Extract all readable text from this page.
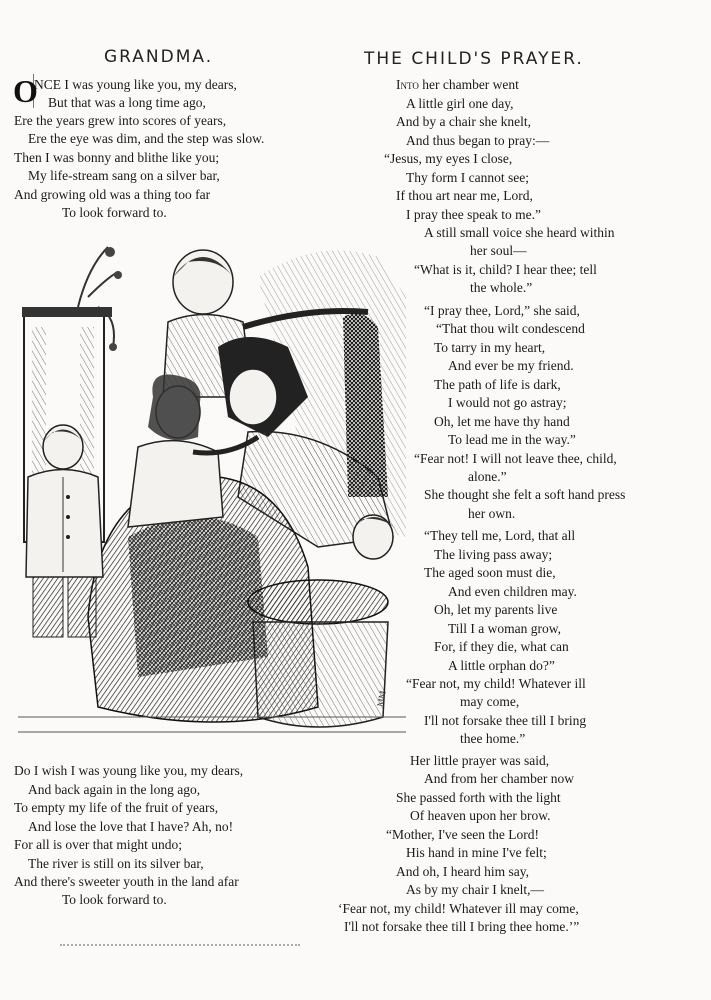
GRANDMA.
O
NCE I was young like you, my dears,
But that was a long time ago,
Ere the years grew into scores of years,
Ere the eye was dim, and the step was slow.
Then I was bonny and blithe like you;
My life-stream sang on a silver bar,
And growing old was a thing too far
To look forward to.
Do I wish I was young like you, my dears,
And back again in the long ago,
To empty my life of the fruit of years,
And lose the love that I have? Ah, no!
For all is over that might undo;
The river is still on its silver bar,
And there's sweeter youth in the land afar
To look forward to.
MM
THE CHILD'S PRAYER.
Into her chamber went
A little girl one day,
And by a chair she knelt,
And thus began to pray:—
“Jesus, my eyes I close,
Thy form I cannot see;
If thou art near me, Lord,
I pray thee speak to me.”
A still small voice she heard within
her soul—
“What is it, child? I hear thee; tell
the whole.”
“I pray thee, Lord,” she said,
“That thou wilt condescend
To tarry in my heart,
And ever be my friend.
The path of life is dark,
I would not go astray;
Oh, let me have thy hand
To lead me in the way.”
“Fear not! I will not leave thee, child,
alone.”
She thought she felt a soft hand press
her own.
“They tell me, Lord, that all
The living pass away;
The aged soon must die,
And even children may.
Oh, let my parents live
Till I a woman grow,
For, if they die, what can
A little orphan do?”
“Fear not, my child! Whatever ill
may come,
I'll not forsake thee till I bring
thee home.”
Her little prayer was said,
And from her chamber now
She passed forth with the light
Of heaven upon her brow.
“Mother, I've seen the Lord!
His hand in mine I've felt;
And oh, I heard him say,
As by my chair I knelt,—
‘Fear not, my child! Whatever ill may come,
I'll not forsake thee till I bring thee home.’”
